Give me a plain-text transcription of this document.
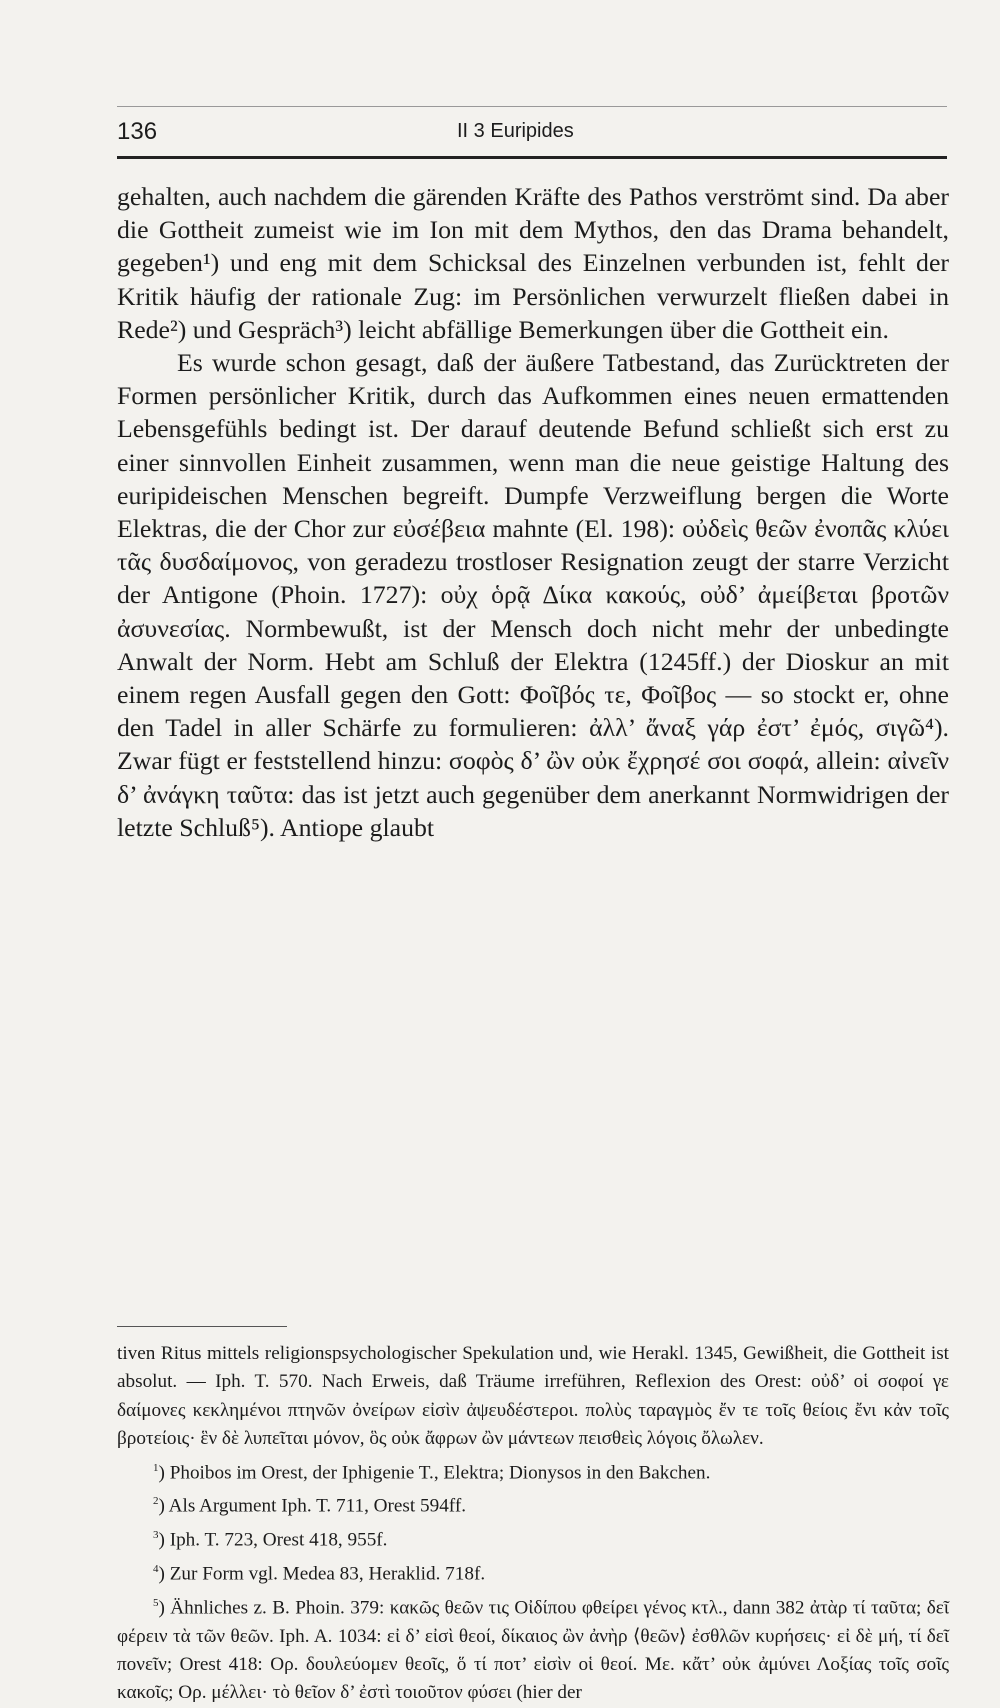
136	II 3 Euripides

gehalten, auch nachdem die gärenden Kräfte des Pathos verströmt sind. Da aber die Gottheit zumeist wie im Ion mit dem Mythos, den das Drama behandelt, gegeben¹) und eng mit dem Schicksal des Einzelnen verbunden ist, fehlt der Kritik häufig der rationale Zug: im Persönlichen verwurzelt fließen dabei in Rede²) und Gespräch³) leicht abfällige Bemerkungen über die Gottheit ein.

Es wurde schon gesagt, daß der äußere Tatbestand, das Zurücktreten der Formen persönlicher Kritik, durch das Aufkommen eines neuen ermattenden Lebensgefühls bedingt ist. Der darauf deutende Befund schließt sich erst zu einer sinnvollen Einheit zusammen, wenn man die neue geistige Haltung des euripideischen Menschen begreift. Dumpfe Verzweiflung bergen die Worte Elektras, die der Chor zur εὐσέβεια mahnte (El. 198): οὐδεὶς θεῶν ἐνοπᾶς κλύει τᾶς δυσδαίμονος, von geradezu trostloser Resignation zeugt der starre Verzicht der Antigone (Phoin. 1727): οὐχ ὁρᾷ Δίκα κακούς, οὐδ’ ἀμείβεται βροτῶν ἀσυνεσίας. Normbewußt, ist der Mensch doch nicht mehr der unbedingte Anwalt der Norm. Hebt am Schluß der Elektra (1245ff.) der Dioskur an mit einem regen Ausfall gegen den Gott: Φοῖβός τε, Φοῖβος — so stockt er, ohne den Tadel in aller Schärfe zu formulieren: ἀλλ’ ἄναξ γάρ ἐστ’ ἐμός, σιγῶ⁴). Zwar fügt er feststellend hinzu: σοφὸς δ’ ὢν οὐκ ἔχρησέ σοι σοφά, allein: αἰνεῖν δ’ ἀνάγκη ταῦτα: das ist jetzt auch gegenüber dem anerkannt Normwidrigen der letzte Schluß⁵). Antiope glaubt

tiven Ritus mittels religionspsychologischer Spekulation und, wie Herakl. 1345, Gewißheit, die Gottheit ist absolut. — Iph. T. 570. Nach Erweis, daß Träume irreführen, Reflexion des Orest: οὐδ’ οἱ σοφοί γε δαίμονες κεκλημένοι πτηνῶν ὀνείρων εἰσὶν ἀψευδέστεροι. πολὺς ταραγμὸς ἔν τε τοῖς θείοις ἔνι κἀν τοῖς βροτείοις· ἓν δὲ λυπεῖται μόνον, ὃς οὐκ ἄφρων ὢν μάντεων πεισθεὶς λόγοις ὄλωλεν.

$^1$) Phoibos im Orest, der Iphigenie T., Elektra; Dionysos in den Bakchen.

$^2$) Als Argument Iph. T. 711, Orest 594ff.

$^3$) Iph. T. 723, Orest 418, 955f.

$^4$) Zur Form vgl. Medea 83, Heraklid. 718f.

$^5$) Ähnliches z. B. Phoin. 379: κακῶς θεῶν τις Οἰδίπου φθείρει γένος κτλ., dann 382 ἀτὰρ τί ταῦτα; δεῖ φέρειν τὰ τῶν θεῶν. Iph. A. 1034: εἰ δ’ εἰσὶ θεοί, δίκαιος ὢν ἀνὴρ ⟨θεῶν⟩ ἐσθλῶν κυρήσεις· εἰ δὲ μή, τί δεῖ πονεῖν; Orest 418: Ορ. δουλεύομεν θεοῖς, ὅ τί ποτ’ εἰσὶν οἱ θεοί. Με. κἄτ’ οὐκ ἀμύνει Λοξίας τοῖς σοῖς κακοῖς; Ορ. μέλλει· τὸ θεῖον δ’ ἐστὶ τοιοῦτον φύσει (hier der
